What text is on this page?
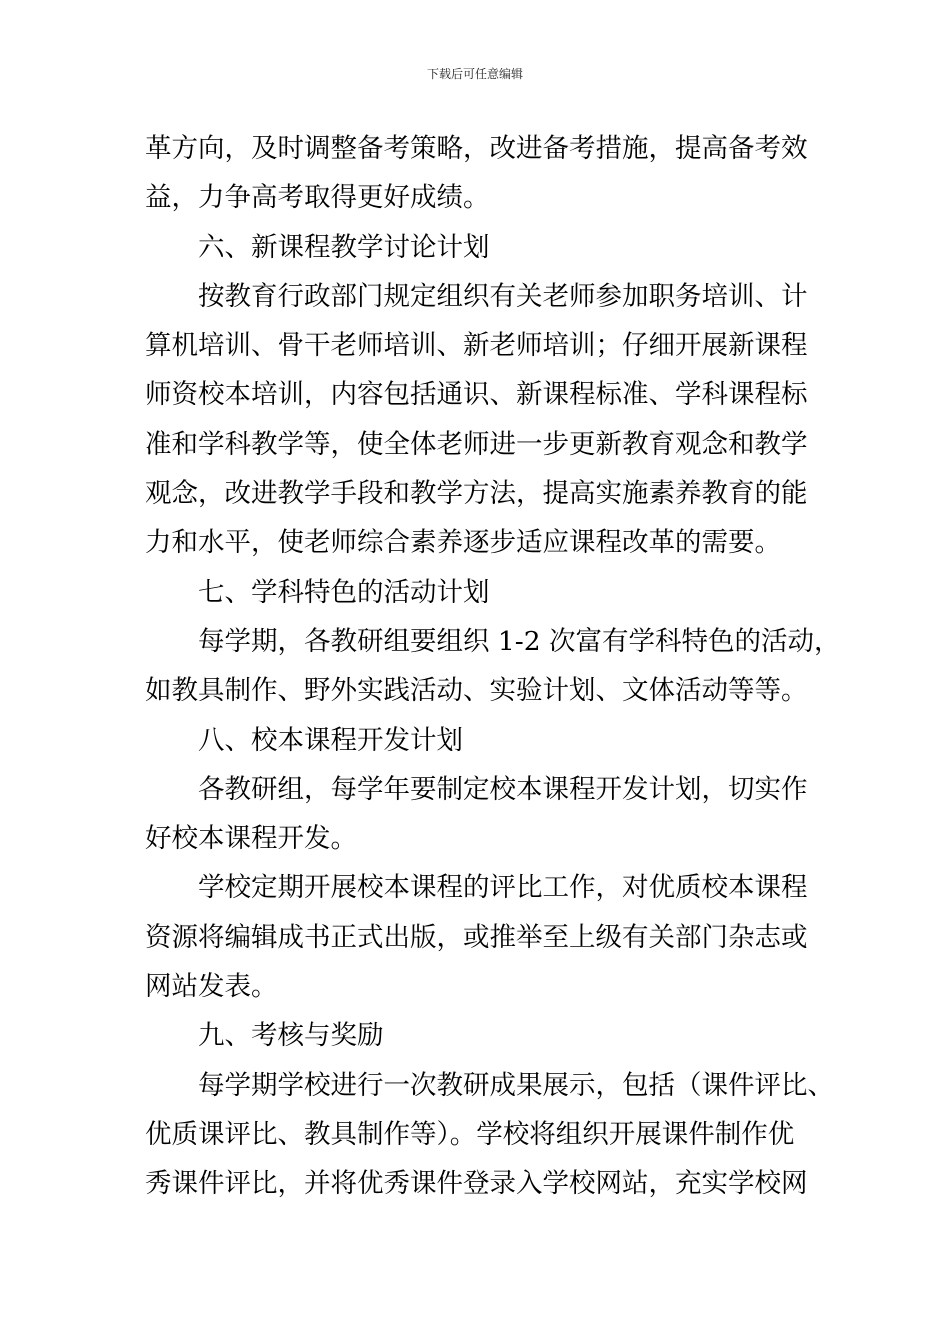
下载后可任意编辑
革方向，及时调整备考策略，改进备考措施，提高备考效
益，力争高考取得更好成绩。
六、新课程教学讨论计划
按教育行政部门规定组织有关老师参加职务培训、计
算机培训、骨干老师培训、新老师培训；仔细开展新课程
师资校本培训，内容包括通识、新课程标准、学科课程标
准和学科教学等，使全体老师进一步更新教育观念和教学
观念，改进教学手段和教学方法，提高实施素养教育的能
力和水平，使老师综合素养逐步适应课程改革的需要。
七、学科特色的活动计划
每学期，各教研组要组织 1-2 次富有学科特色的活动，
如教具制作、野外实践活动、实验计划、文体活动等等。
八、校本课程开发计划
各教研组，每学年要制定校本课程开发计划，切实作
好校本课程开发。
学校定期开展校本课程的评比工作，对优质校本课程
资源将编辑成书正式出版，或推举至上级有关部门杂志或
网站发表。
九、考核与奖励
每学期学校进行一次教研成果展示，包括（课件评比、
优质课评比、教具制作等）。学校将组织开展课件制作优
秀课件评比，并将优秀课件登录入学校网站，充实学校网
